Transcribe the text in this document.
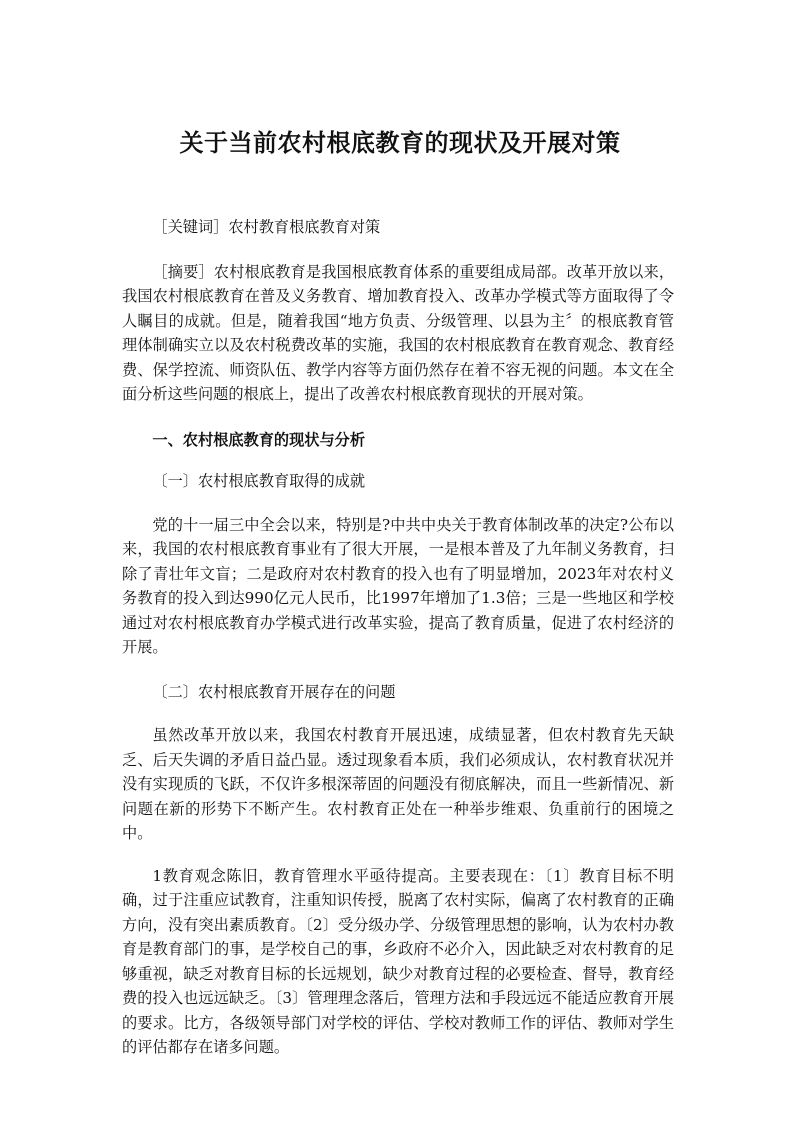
关于当前农村根底教育的现状及开展对策

［关键词］农村教育根底教育对策

［摘要］农村根底教育是我国根底教育体系的重要组成局部。改革开放以来，我国农村根底教育在普及义务教育、增加教育投入、改革办学模式等方面取得了令人瞩目的成就。但是，随着我国“地方负责、分级管理、以县为主〞的根底教育管理体制确实立以及农村税费改革的实施，我国的农村根底教育在教育观念、教育经费、保学控流、师资队伍、教学内容等方面仍然存在着不容无视的问题。本文在全面分析这些问题的根底上，提出了改善农村根底教育现状的开展对策。

一、农村根底教育的现状与分析

〔一〕农村根底教育取得的成就

党的十一届三中全会以来，特别是?中共中央关于教育体制改革的决定?公布以来，我国的农村根底教育事业有了很大开展，一是根本普及了九年制义务教育，扫除了青壮年文盲；二是政府对农村教育的投入也有了明显增加，2023年对农村义务教育的投入到达990亿元人民币，比1997年增加了1.3倍；三是一些地区和学校通过对农村根底教育办学模式进行改革实验，提高了教育质量，促进了农村经济的开展。

〔二〕农村根底教育开展存在的问题

虽然改革开放以来，我国农村教育开展迅速，成绩显著，但农村教育先天缺乏、后天失调的矛盾日益凸显。透过现象看本质，我们必须成认，农村教育状况并没有实现质的飞跃，不仅许多根深蒂固的问题没有彻底解决，而且一些新情况、新问题在新的形势下不断产生。农村教育正处在一种举步维艰、负重前行的困境之中。

1教育观念陈旧，教育管理水平亟待提高。主要表现在：〔1〕教育目标不明确，过于注重应试教育，注重知识传授，脱离了农村实际，偏离了农村教育的正确方向，没有突出素质教育。〔2〕受分级办学、分级管理思想的影响，认为农村办教育是教育部门的事，是学校自己的事，乡政府不必介入，因此缺乏对农村教育的足够重视，缺乏对教育目标的长远规划，缺少对教育过程的必要检查、督导，教育经费的投入也远远缺乏。〔3〕管理理念落后，管理方法和手段远远不能适应教育开展的要求。比方，各级领导部门对学校的评估、学校对教师工作的评估、教师对学生的评估都存在诸多问题。
